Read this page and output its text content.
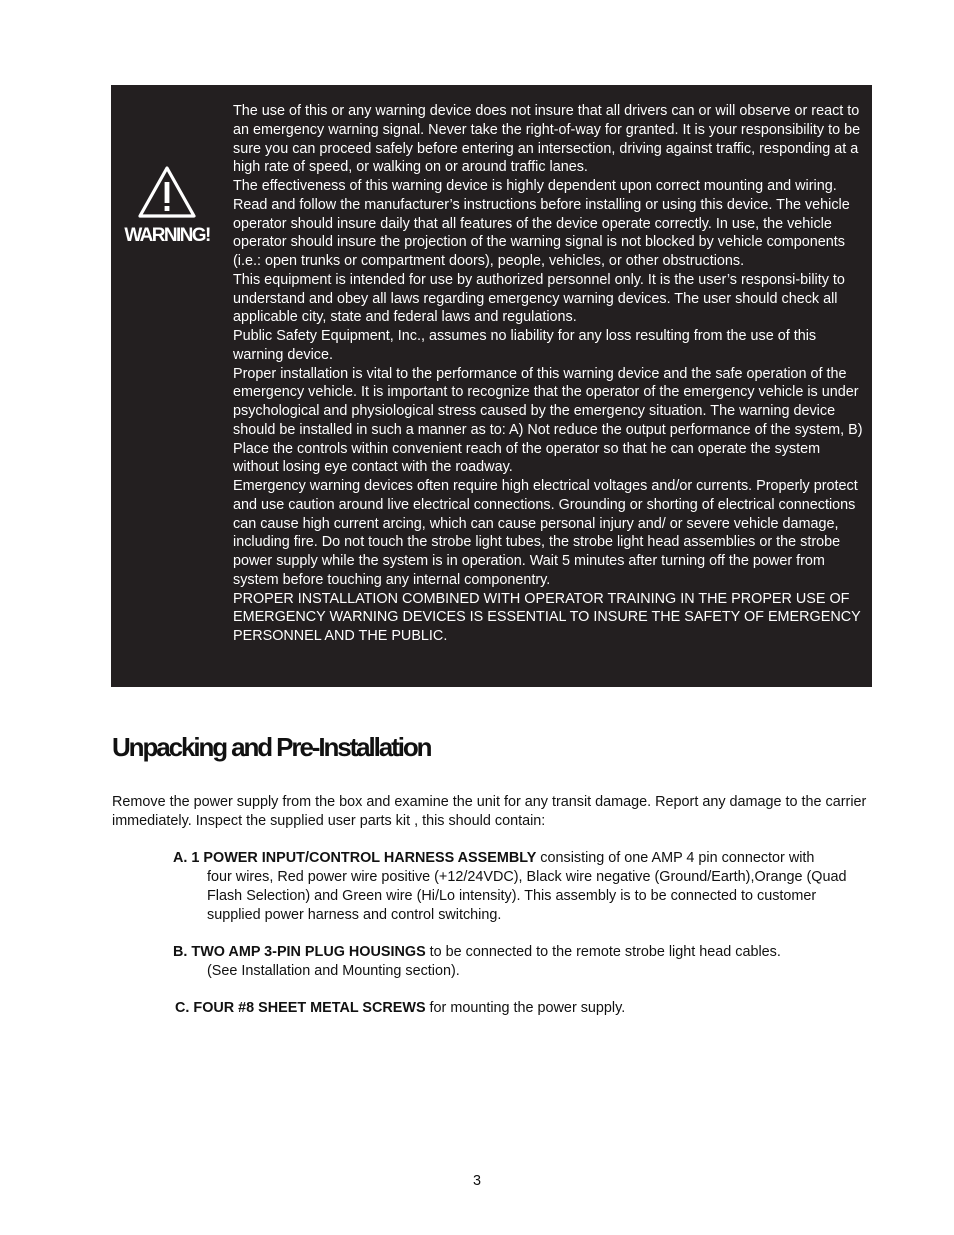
WARNING!

The use of this or any warning device does not insure that all drivers can or will observe or react to an emergency warning signal. Never take the right-of-way for granted. It is your responsibility to be sure you can proceed safely before entering an intersection, driving against traffic, responding at a high rate of speed, or walking on or around traffic lanes.

The effectiveness of this warning device is highly dependent upon correct mounting and wiring. Read and follow the manufacturer’s instructions before installing or using this device. The vehicle operator should insure daily that all features of the device operate correctly. In use, the vehicle operator should insure the projection of the warning signal is not blocked by vehicle components (i.e.: open trunks or compartment doors), people, vehicles, or other obstructions.

This equipment is intended for use by authorized personnel only. It is the user’s responsi-bility to understand and obey all laws regarding emergency warning devices. The user should check all applicable city, state and federal laws and regulations.

Public Safety Equipment, Inc., assumes no liability for any loss resulting from the use of this warning device.

Proper installation is vital to the performance of this warning device and the safe operation of the emergency vehicle. It is important to recognize that the operator of the emergency vehicle is under psychological and physiological stress caused by the emergency situation. The warning device should be installed in such a manner as to: A) Not reduce the output performance of the system, B) Place the controls within convenient reach of the operator so that he can operate the system without losing eye contact with the roadway.

Emergency warning devices often require high electrical voltages and/or currents. Properly protect and use caution around live electrical connections. Grounding or shorting of electrical connections can cause high current arcing, which can cause personal injury and/ or severe vehicle damage, including fire. Do not touch the strobe light tubes, the strobe light head assemblies or the strobe power supply while the system is in operation. Wait 5 minutes after turning off the power from system before touching any internal componentry.

PROPER INSTALLATION COMBINED WITH OPERATOR TRAINING IN THE PROPER USE OF EMERGENCY WARNING DEVICES IS ESSENTIAL TO INSURE THE SAFETY OF EMERGENCY PERSONNEL AND THE PUBLIC.

Unpacking and Pre-Installation

Remove the power supply from the box and examine the unit for any transit damage. Report any damage to the carrier immediately. Inspect the supplied user parts kit , this should contain:

A. 1 POWER INPUT/CONTROL HARNESS ASSEMBLY consisting of one AMP 4 pin connector with
four wires, Red power wire positive (+12/24VDC), Black wire negative (Ground/Earth),Orange (Quad Flash Selection) and Green wire (Hi/Lo intensity). This assembly is to be connected to customer supplied power harness and control switching.

B. TWO AMP 3-PIN PLUG HOUSINGS to be connected to the remote strobe light head cables.
(See Installation and Mounting section).

C. FOUR #8 SHEET METAL SCREWS for mounting the power supply.

3
